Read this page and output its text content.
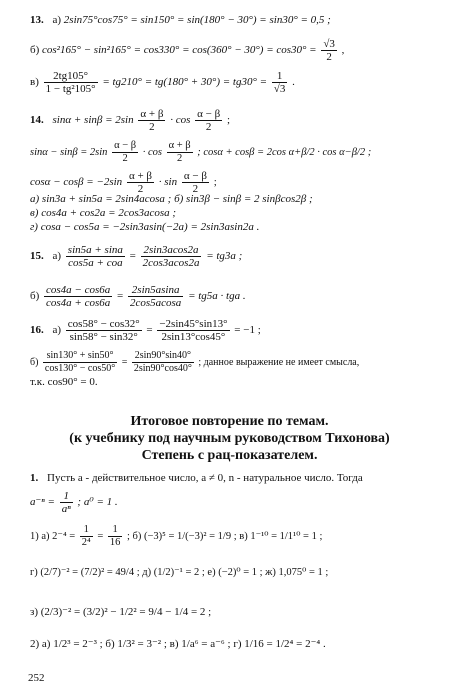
13. а) 2sin75°cos75° = sin150° = sin(180° − 30°) = sin30° = 0,5 ;
б) $\cos^2165^\circ - \sin^2165^\circ = \cos 330^\circ = \cos(360^\circ - 30^\circ) = \cos 30^\circ = \frac{√3}{2}$ ,
$в) \frac{2tg105^\circ}{\text{1 − tg²105°}} = tg210^\circ = tg(180^\circ + 30^\circ) = tg30^\circ = \frac{1}{√3}$ .
14. $\sin\alpha + \sin\beta = 2\sin \frac{\alpha + \beta}{2} \cdot \cos \frac{\alpha - \beta}{2}$ ;
$\sin\alpha - \sin\beta = 2\sin \frac{\alpha - \beta}{2} \cdot \cos \frac{\alpha + \beta}{2}$ ; cosα + cosβ = 2cos α+β/2 · cos α−β/2 ;
$\cos\alpha - \cos\beta = -2\sin \frac{\alpha + \beta}{2} \cdot \sin \frac{\alpha - \beta}{2}$ ;
а) sin3a + sin5a = 2sin4acosa ; б) sin3β − sinβ = 2 sinβcos2β ;
в) cos4a + cos2a = 2cos3acosa ;
г) cosa − cos5a = −2sin3asin(−2a) = 2sin3asin2a .
15. $а) \frac{\sin 5a + \sin a}{\text{cos5a + coa}} = \frac{2\sin 3acos2a}{2\cos 3acos2a} = tg3a$ ;
$б) \frac{\cos 4a - \cos 6a}{\cos 4a + \cos 6a} = \frac{2\sin 5asina}{2\cos 5acosa} = tg5a$ · tga .
16. $а) \frac{\cos 58^\circ - \cos 32^\circ}{\sin 58^\circ - \sin 32^\circ} = \frac{-2\sin 45^\circ\sin 13^\circ}{2\sin 13^\circ\cos 45^\circ} = -1$ ;
$б) \frac{\sin 130^\circ + \sin 50^\circ}{\cos 130^\circ - \cos 50^\circ} = \frac{2\sin 90^\circ\sin 40^\circ}{2\sin 90^\circ\cos 40^\circ}$ ; данное выражение не имеет смысла,
т.к. cos90° = 0.
Итоговое повторение по темам.
(к учебнику под научным руководством Тихонова)
Степень с рац-показателем.
1. Пусть a - действительное число, a ≠ 0, n - натуральное число. Тогда
$a^{-n} = \frac{1}{\text{aⁿ}}$ ; a⁰ = 1 .
1) а) $2^{-4} = \frac{1}{\text{2⁴}} = \frac{1}{16}$ ; б) (−3)⁵ = 1/(−3)² = 1/9 ; в) 1⁻¹⁰ = 1/1¹⁰ = 1 ;
г) (2/7)⁻² = (7/2)² = 49/4 ; д) (1/2)⁻¹ = 2 ; е) (−2)⁰ = 1 ; ж) 1,075⁰ = 1 ;
з) (2/3)⁻² = (3/2)² − 1/2² = 9/4 − 1/4 = 2 ;
2) а) 1/2³ = 2⁻³ ; б) 1/3² = 3⁻² ; в) 1/a⁶ = a⁻⁶ ; г) 1/16 = 1/2⁴ = 2⁻⁴ .
252
